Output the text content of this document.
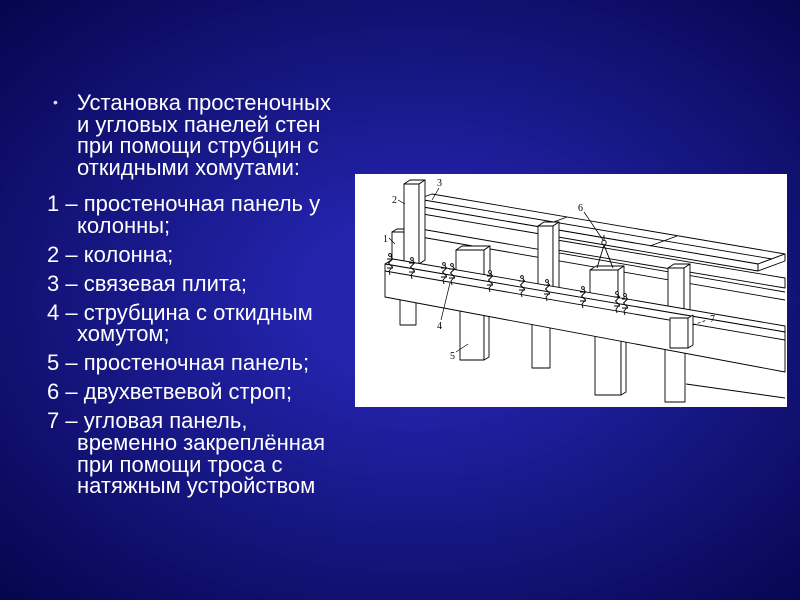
• Установка простеночных
и угловых панелей стен
при помощи струбцин с
откидными хомутами:
1 – простеночная панель у
колонны;
2 – колонна;
3 – связевая плита;
4 – струбцина с откидным
хомутом;
5 – простеночная панель;
6 – двухветвевой строп;
7 – угловая панель,
временно закреплённая
при помощи троса с
натяжным устройством
1
2
3
4
5
6
7
